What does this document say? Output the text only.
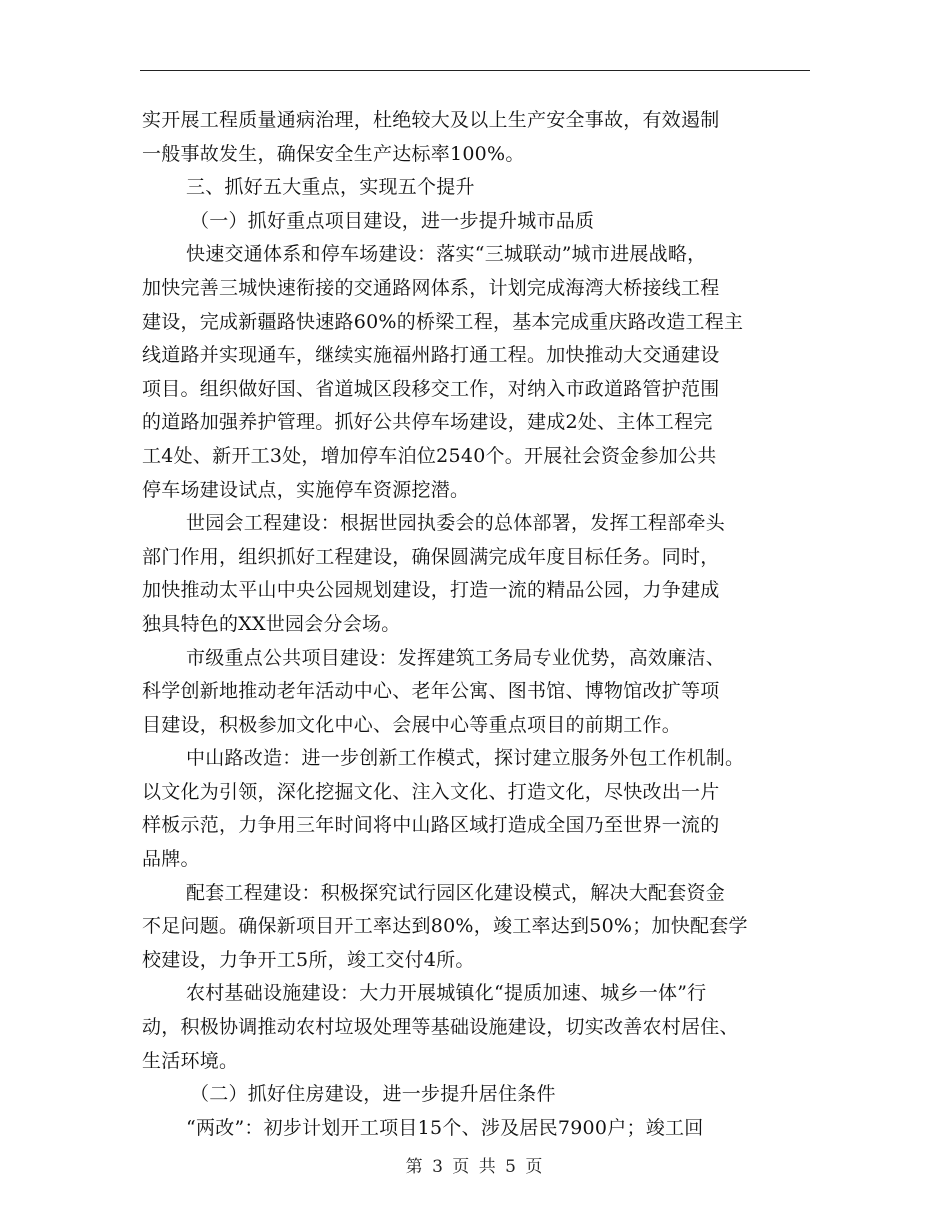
实开展工程质量通病治理，杜绝较大及以上生产安全事故，有效遏制
一般事故发生，确保安全生产达标率100%。
三、抓好五大重点，实现五个提升
（一）抓好重点项目建设，进一步提升城市品质
快速交通体系和停车场建设：落实“三城联动”城市进展战略，
加快完善三城快速衔接的交通路网体系，计划完成海湾大桥接线工程
建设，完成新疆路快速路60%的桥梁工程，基本完成重庆路改造工程主
线道路并实现通车，继续实施福州路打通工程。加快推动大交通建设
项目。组织做好国、省道城区段移交工作，对纳入市政道路管护范围
的道路加强养护管理。抓好公共停车场建设，建成2处、主体工程完
工4处、新开工3处，增加停车泊位2540个。开展社会资金参加公共
停车场建设试点，实施停车资源挖潜。
世园会工程建设：根据世园执委会的总体部署，发挥工程部牵头
部门作用，组织抓好工程建设，确保圆满完成年度目标任务。同时，
加快推动太平山中央公园规划建设，打造一流的精品公园，力争建成
独具特色的XX世园会分会场。
市级重点公共项目建设：发挥建筑工务局专业优势，高效廉洁、
科学创新地推动老年活动中心、老年公寓、图书馆、博物馆改扩等项
目建设，积极参加文化中心、会展中心等重点项目的前期工作。
中山路改造：进一步创新工作模式，探讨建立服务外包工作机制。
以文化为引领，深化挖掘文化、注入文化、打造文化，尽快改出一片
样板示范，力争用三年时间将中山路区域打造成全国乃至世界一流的
品牌。
配套工程建设：积极探究试行园区化建设模式，解决大配套资金
不足问题。确保新项目开工率达到80%，竣工率达到50%；加快配套学
校建设，力争开工5所，竣工交付4所。
农村基础设施建设：大力开展城镇化“提质加速、城乡一体”行
动，积极协调推动农村垃圾处理等基础设施建设，切实改善农村居住、
生活环境。
（二）抓好住房建设，进一步提升居住条件
“两改”：初步计划开工项目15个、涉及居民7900户；竣工回
第 3 页 共 5 页
